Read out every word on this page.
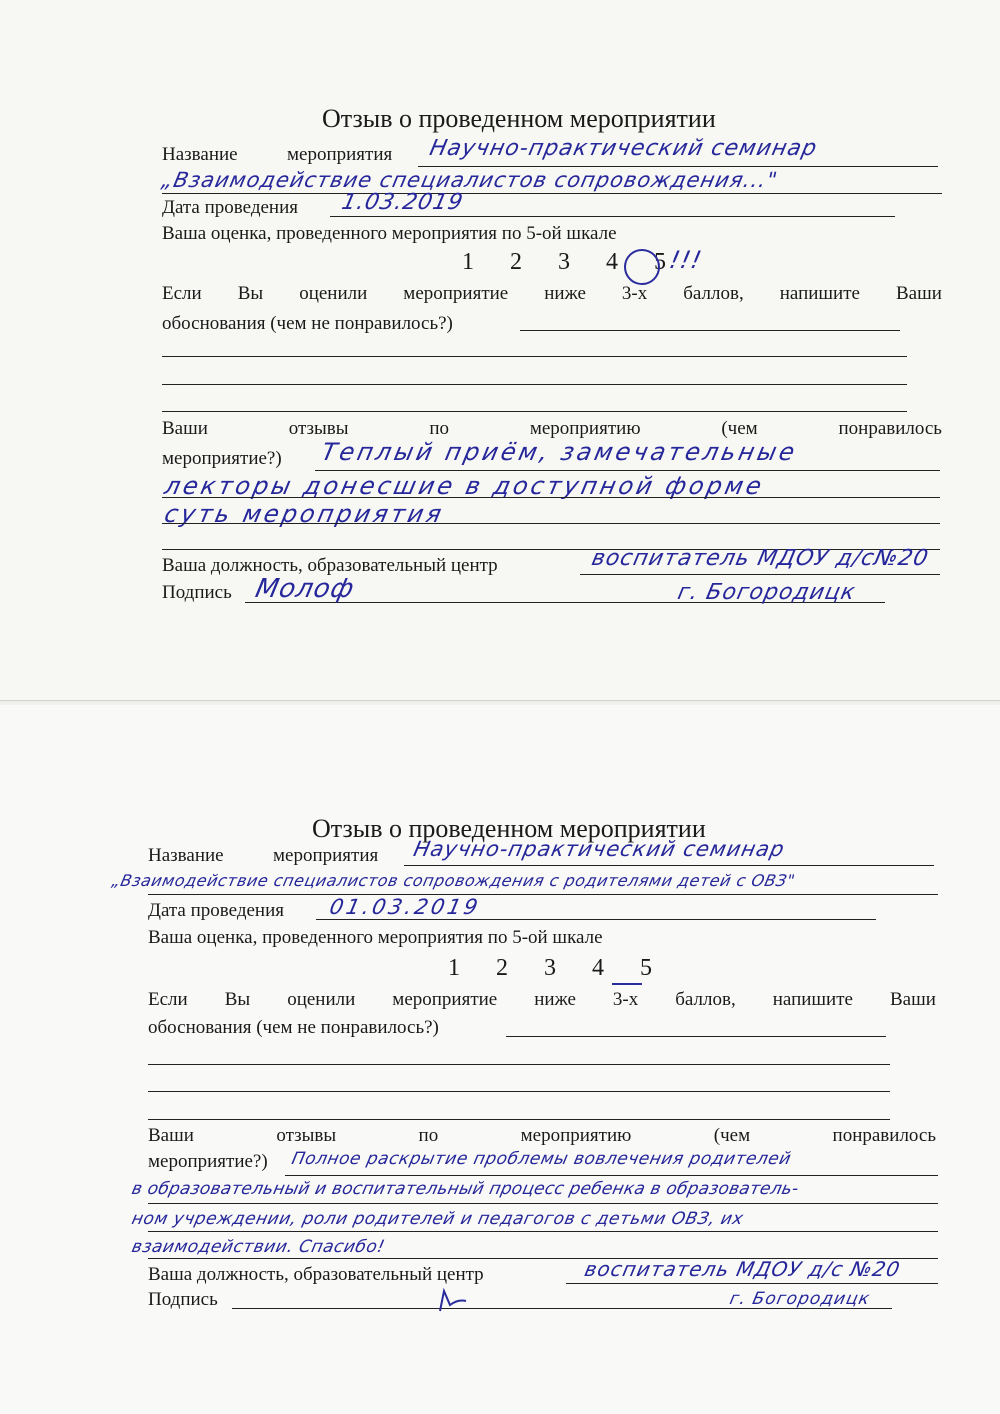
Отзыв о проведенном мероприятии
Название	мероприятия Научно-практический семинар
„Взаимодействие специалистов сопровождения..."
Дата проведения 1.03.2019
Ваша оценка, проведенного мероприятия по 5-ой шкале
1 2 3 4 5 !!!
Если Вы оценили мероприятие ниже 3-х баллов, напишите Ваши
обоснования (чем не понравилось?)
Ваши	отзывы	по	мероприятию	(чем	понравилось
мероприятие?) Теплый приём, замечательные
лекторы донесшие в доступной форме
суть мероприятия
Ваша должность, образовательный центр	воспитатель МДОУ д/с№20
Подпись Молоф	г. Богородицк
Отзыв о проведенном мероприятии
Название	мероприятия Научно-практический семинар
„Взаимодействие специалистов сопровождения с родителями детей с ОВЗ"
Дата проведения 01.03.2019
Ваша оценка, проведенного мероприятия по 5-ой шкале
1 2 3 4 5
Если Вы оценили мероприятие ниже 3-х баллов, напишите Ваши
обоснования (чем не понравилось?)
Ваши	отзывы	по	мероприятию	(чем	понравилось
мероприятие?) Полное раскрытие проблемы вовлечения родителей
в образовательный и воспитательный процесс ребенка в образователь-
ном учреждении, роли родителей и педагогов с детьми ОВЗ, их
взаимодействии. Спасибо!
Ваша должность, образовательный центр	воспитатель МДОУ д/с №20
Подпись	г. Богородицк
